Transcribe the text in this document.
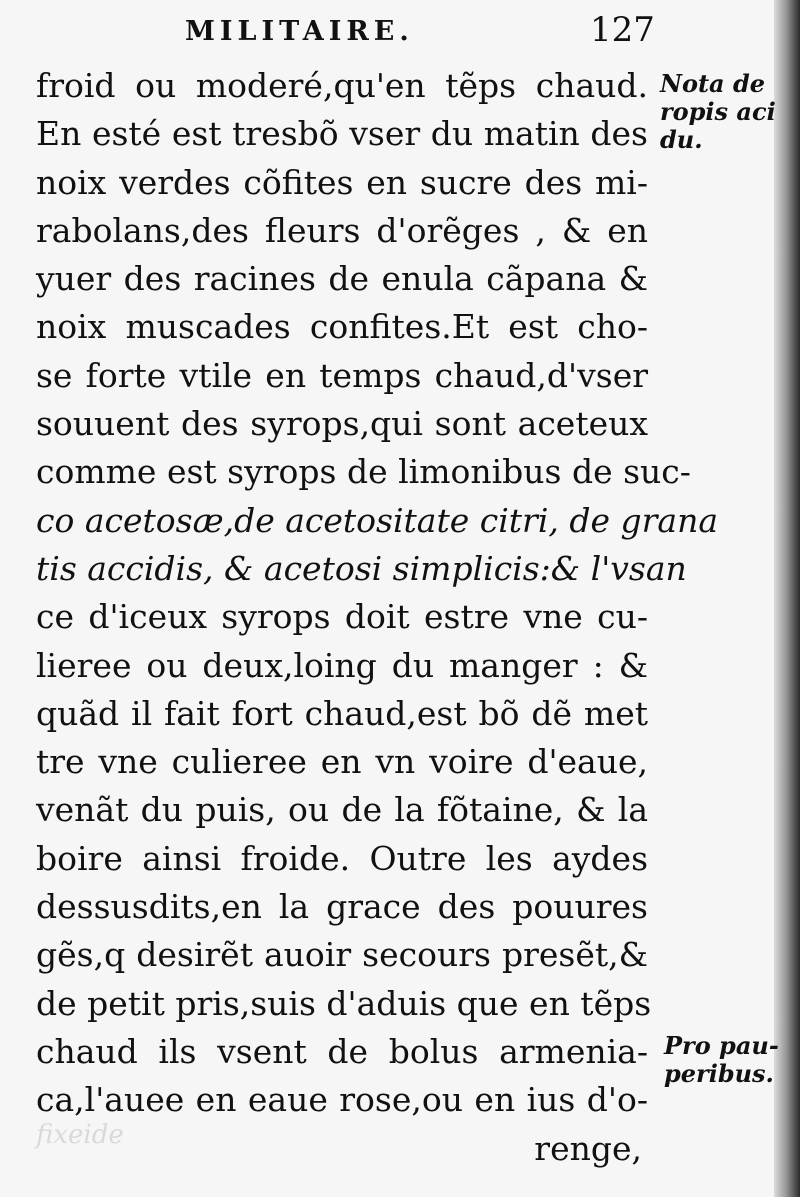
MILITAIRE.	127
froid ou moderé,qu'en tẽps chaud.
En esté est tresbõ vser du matin des
noix verdes cõfites en sucre des mi-
rabolans,des fleurs d'orẽges , & en
yuer des racines de enula cãpana &
noix muscades confites.Et est cho-
se forte vtile en temps chaud,d'vser
souuent des syrops,qui sont aceteux
comme est syrops de limonibus de suc-
co acetosæ,de acetositate citri, de grana
tis accidis, & acetosi simplicis:& l'vsan
ce d'iceux syrops doit estre vne cu-
lieree ou deux,loing du manger : &
quãd il fait fort chaud,est bõ dẽ met
tre vne culieree en vn voire d'eaue,
venãt du puis, ou de la fõtaine, & la
boire ainsi froide. Outre les aydes
dessusdits,en la grace des pouures
gẽs,q desirẽt auoir secours presẽt,&
de petit pris,suis d'aduis que en tẽps
chaud ils vsent de bolus armenia-
ca,l'auee en eaue rose,ou en ius d'o-
renge,
Nota de
ropis aci
du.
Pro pau-
peribus.
fixeide
